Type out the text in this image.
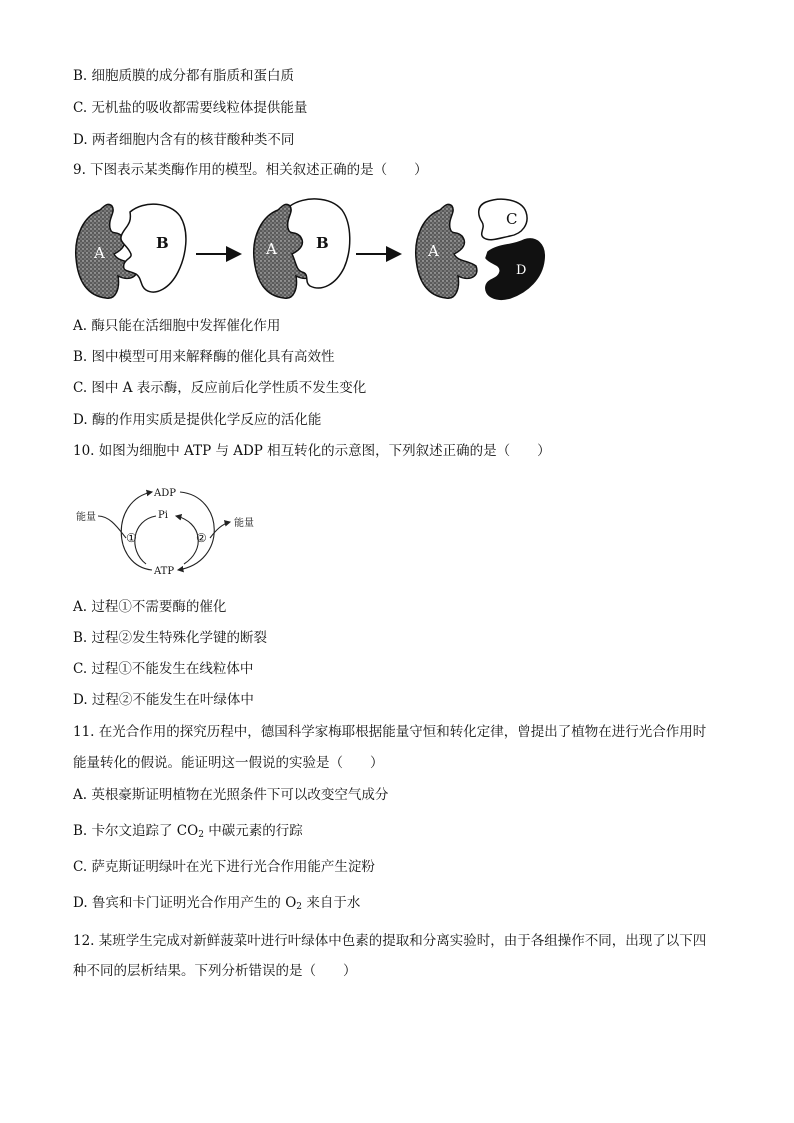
B. 细胞质膜的成分都有脂质和蛋白质
C. 无机盐的吸收都需要线粒体提供能量
D. 两者细胞内含有的核苷酸种类不同
9. 下图表示某类酶作用的模型。相关叙述正确的是（　　）
A
B	A	B	A
C
D
A. 酶只能在活细胞中发挥催化作用
B. 图中模型可用来解释酶的催化具有高效性
C. 图中 A 表示酶，反应前后化学性质不发生变化
D. 酶的作用实质是提供化学反应的活化能
10. 如图为细胞中 ATP 与 ADP 相互转化的示意图，下列叙述正确的是（　　）
ADP
Pi
ATP
能量
能量
①	②
A. 过程①不需要酶的催化
B. 过程②发生特殊化学键的断裂
C. 过程①不能发生在线粒体中
D. 过程②不能发生在叶绿体中
11. 在光合作用的探究历程中，德国科学家梅耶根据能量守恒和转化定律，曾提出了植物在进行光合作用时
能量转化的假说。能证明这一假说的实验是（　　）
A. 英根豪斯证明植物在光照条件下可以改变空气成分
B. 卡尔文追踪了 $CO_2$ 中碳元素的行踪
C. 萨克斯证明绿叶在光下进行光合作用能产生淀粉
D. 鲁宾和卡门证明光合作用产生的 $O_2$ 来自于水
12. 某班学生完成对新鲜菠菜叶进行叶绿体中色素的提取和分离实验时，由于各组操作不同，出现了以下四
种不同的层析结果。下列分析错误的是（　　）
